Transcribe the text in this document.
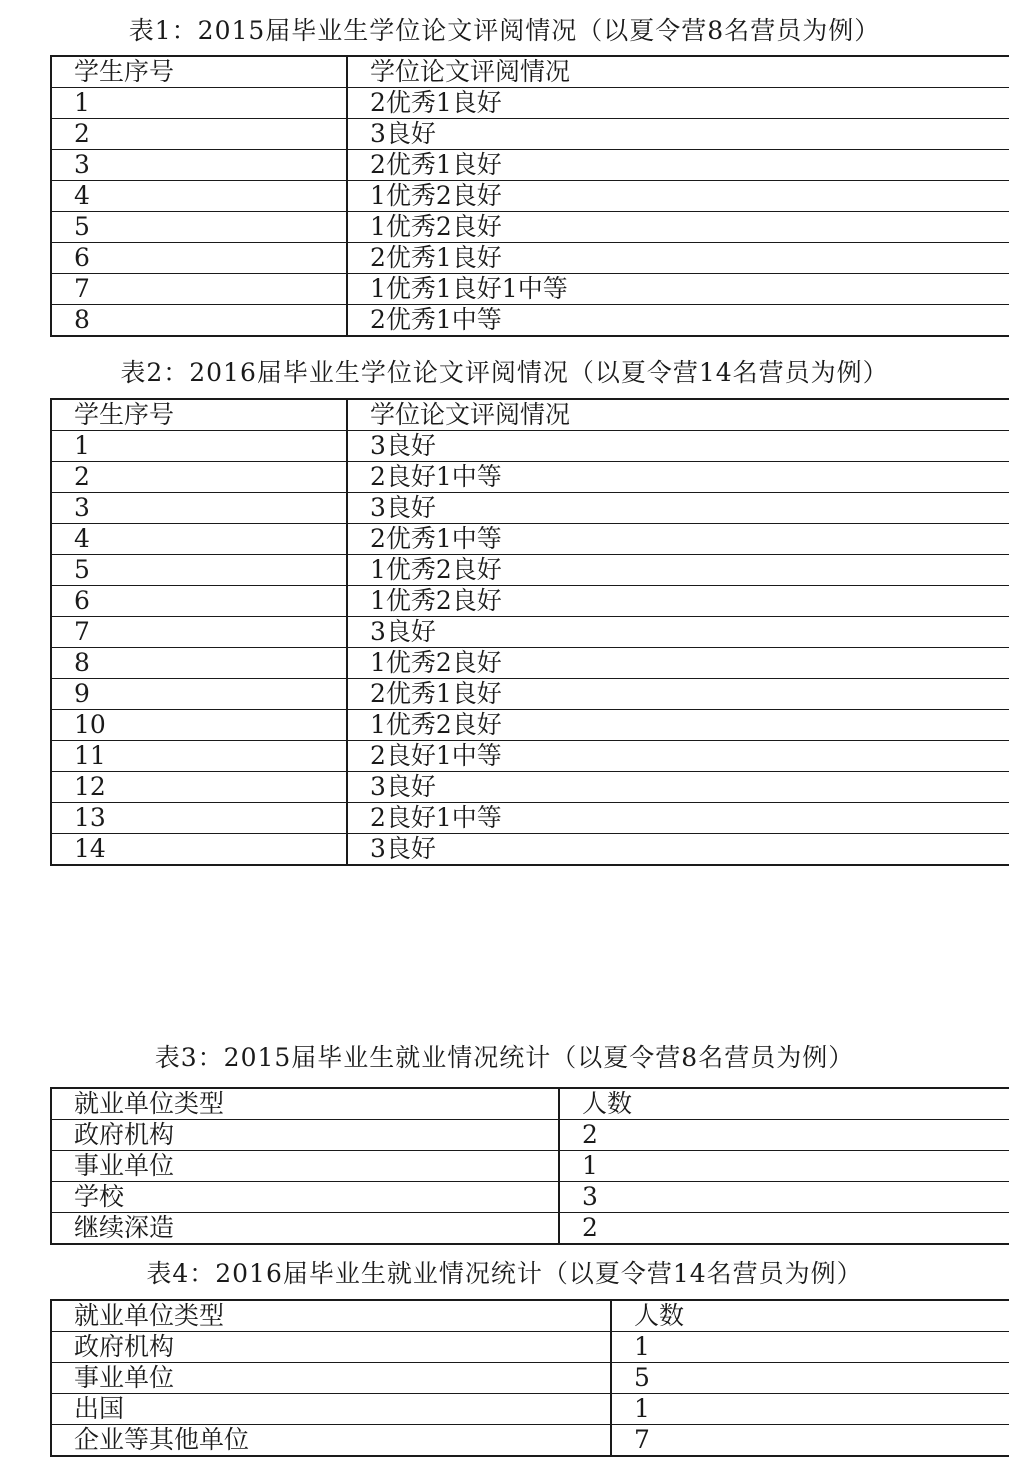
表1：2015届毕业生学位论文评阅情况（以夏令营8名营员为例）
学生序号	学位论文评阅情况
1	2优秀1良好
2	3良好
3	2优秀1良好
4	1优秀2良好
5	1优秀2良好
6	2优秀1良好
7	1优秀1良好1中等
8	2优秀1中等
表2：2016届毕业生学位论文评阅情况（以夏令营14名营员为例）
学生序号	学位论文评阅情况
1	3良好
2	2良好1中等
3	3良好
4	2优秀1中等
5	1优秀2良好
6	1优秀2良好
7	3良好
8	1优秀2良好
9	2优秀1良好
10	1优秀2良好
11	2良好1中等
12	3良好
13	2良好1中等
14	3良好
表3：2015届毕业生就业情况统计（以夏令营8名营员为例）
就业单位类型	人数
政府机构	2
事业单位	1
学校	3
继续深造	2
表4：2016届毕业生就业情况统计（以夏令营14名营员为例）
就业单位类型	人数
政府机构	1
事业单位	5
出国	1
企业等其他单位	7
